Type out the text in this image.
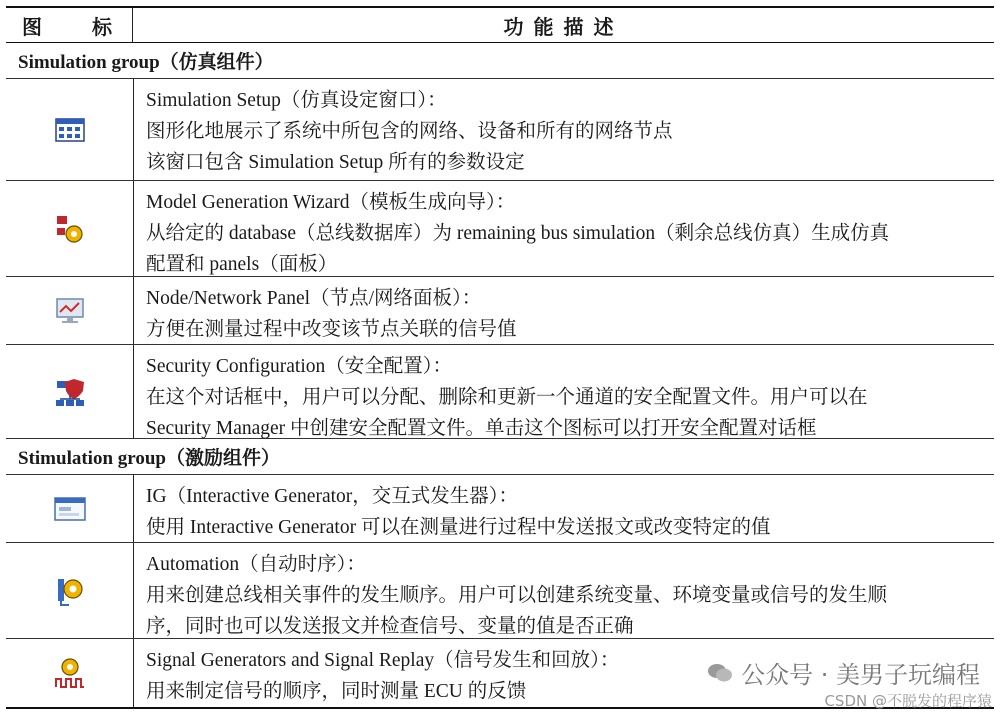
图	标	功能描述
Simulation group（仿真组件）
Simulation Setup（仿真设定窗口）：
图形化地展示了系统中所包含的网络、设备和所有的网络节点
该窗口包含 Simulation Setup 所有的参数设定
Model Generation Wizard（模板生成向导）：
从给定的 database（总线数据库）为 remaining bus simulation（剩余总线仿真）生成仿真
配置和 panels（面板）
Node/Network Panel（节点/网络面板）：
方便在测量过程中改变该节点关联的信号值
Security Configuration（安全配置）：
在这个对话框中，用户可以分配、删除和更新一个通道的安全配置文件。用户可以在
Security Manager 中创建安全配置文件。单击这个图标可以打开安全配置对话框
Stimulation group（激励组件）
IG（Interactive Generator，交互式发生器）：
使用 Interactive Generator 可以在测量进行过程中发送报文或改变特定的值
Automation（自动时序）：
用来创建总线相关事件的发生顺序。用户可以创建系统变量、环境变量或信号的发生顺
序，同时也可以发送报文并检查信号、变量的值是否正确
Signal Generators and Signal Replay（信号发生和回放）：
用来制定信号的顺序，同时测量 ECU 的反馈
公众号 · 美男子玩编程
CSDN @不脱发的程序猿
